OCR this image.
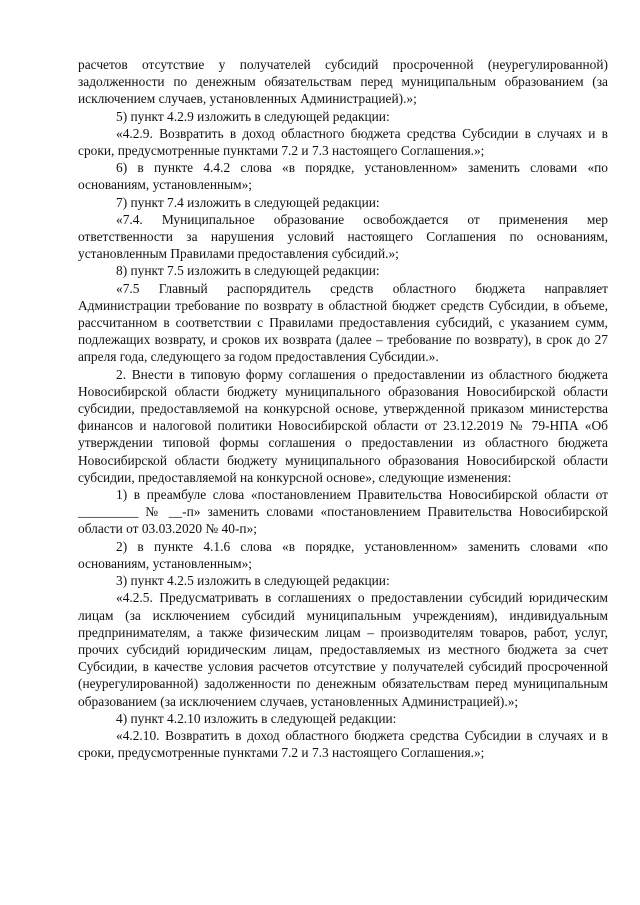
расчетов отсутствие у получателей субсидий просроченной (неурегулированной) задолженности по денежным обязательствам перед муниципальным образованием (за исключением случаев, установленных Администрацией).»;

5) пункт 4.2.9 изложить в следующей редакции:

«4.2.9. Возвратить в доход областного бюджета средства Субсидии в случаях и в сроки, предусмотренные пунктами 7.2 и 7.3 настоящего Соглашения.»;

6) в пункте 4.4.2 слова «в порядке, установленном» заменить словами «по основаниям, установленным»;

7) пункт 7.4 изложить в следующей редакции:

«7.4. Муниципальное образование освобождается от применения мер ответственности за нарушения условий настоящего Соглашения по основаниям, установленным Правилами предоставления субсидий.»;

8) пункт 7.5 изложить в следующей редакции:

«7.5 Главный распорядитель средств областного бюджета направляет Администрации требование по возврату в областной бюджет средств Субсидии, в объеме, рассчитанном в соответствии с Правилами предоставления субсидий, с указанием сумм, подлежащих возврату, и сроков их возврата (далее – требование по возврату), в срок до 27 апреля года, следующего за годом предоставления Субсидии.».

2. Внести в типовую форму соглашения о предоставлении из областного бюджета Новосибирской области бюджету муниципального образования Новосибирской области субсидии, предоставляемой на конкурсной основе, утвержденной приказом министерства финансов и налоговой политики Новосибирской области от 23.12.2019 № 79-НПА «Об утверждении типовой формы соглашения о предоставлении из областного бюджета Новосибирской области бюджету муниципального образования Новосибирской области субсидии, предоставляемой на конкурсной основе», следующие изменения:

1) в преамбуле слова «постановлением Правительства Новосибирской области от _________ № __-п» заменить словами «постановлением Правительства Новосибирской области от 03.03.2020 № 40-п»;

2) в пункте 4.1.6 слова «в порядке, установленном» заменить словами «по основаниям, установленным»;

3) пункт 4.2.5 изложить в следующей редакции:

«4.2.5. Предусматривать в соглашениях о предоставлении субсидий юридическим лицам (за исключением субсидий муниципальным учреждениям), индивидуальным предпринимателям, а также физическим лицам – производителям товаров, работ, услуг, прочих субсидий юридическим лицам, предоставляемых из местного бюджета за счет Субсидии, в качестве условия расчетов отсутствие у получателей субсидий просроченной (неурегулированной) задолженности по денежным обязательствам перед муниципальным образованием (за исключением случаев, установленных Администрацией).»;

4) пункт 4.2.10 изложить в следующей редакции:

«4.2.10. Возвратить в доход областного бюджета средства Субсидии в случаях и в сроки, предусмотренные пунктами 7.2 и 7.3 настоящего Соглашения.»;
